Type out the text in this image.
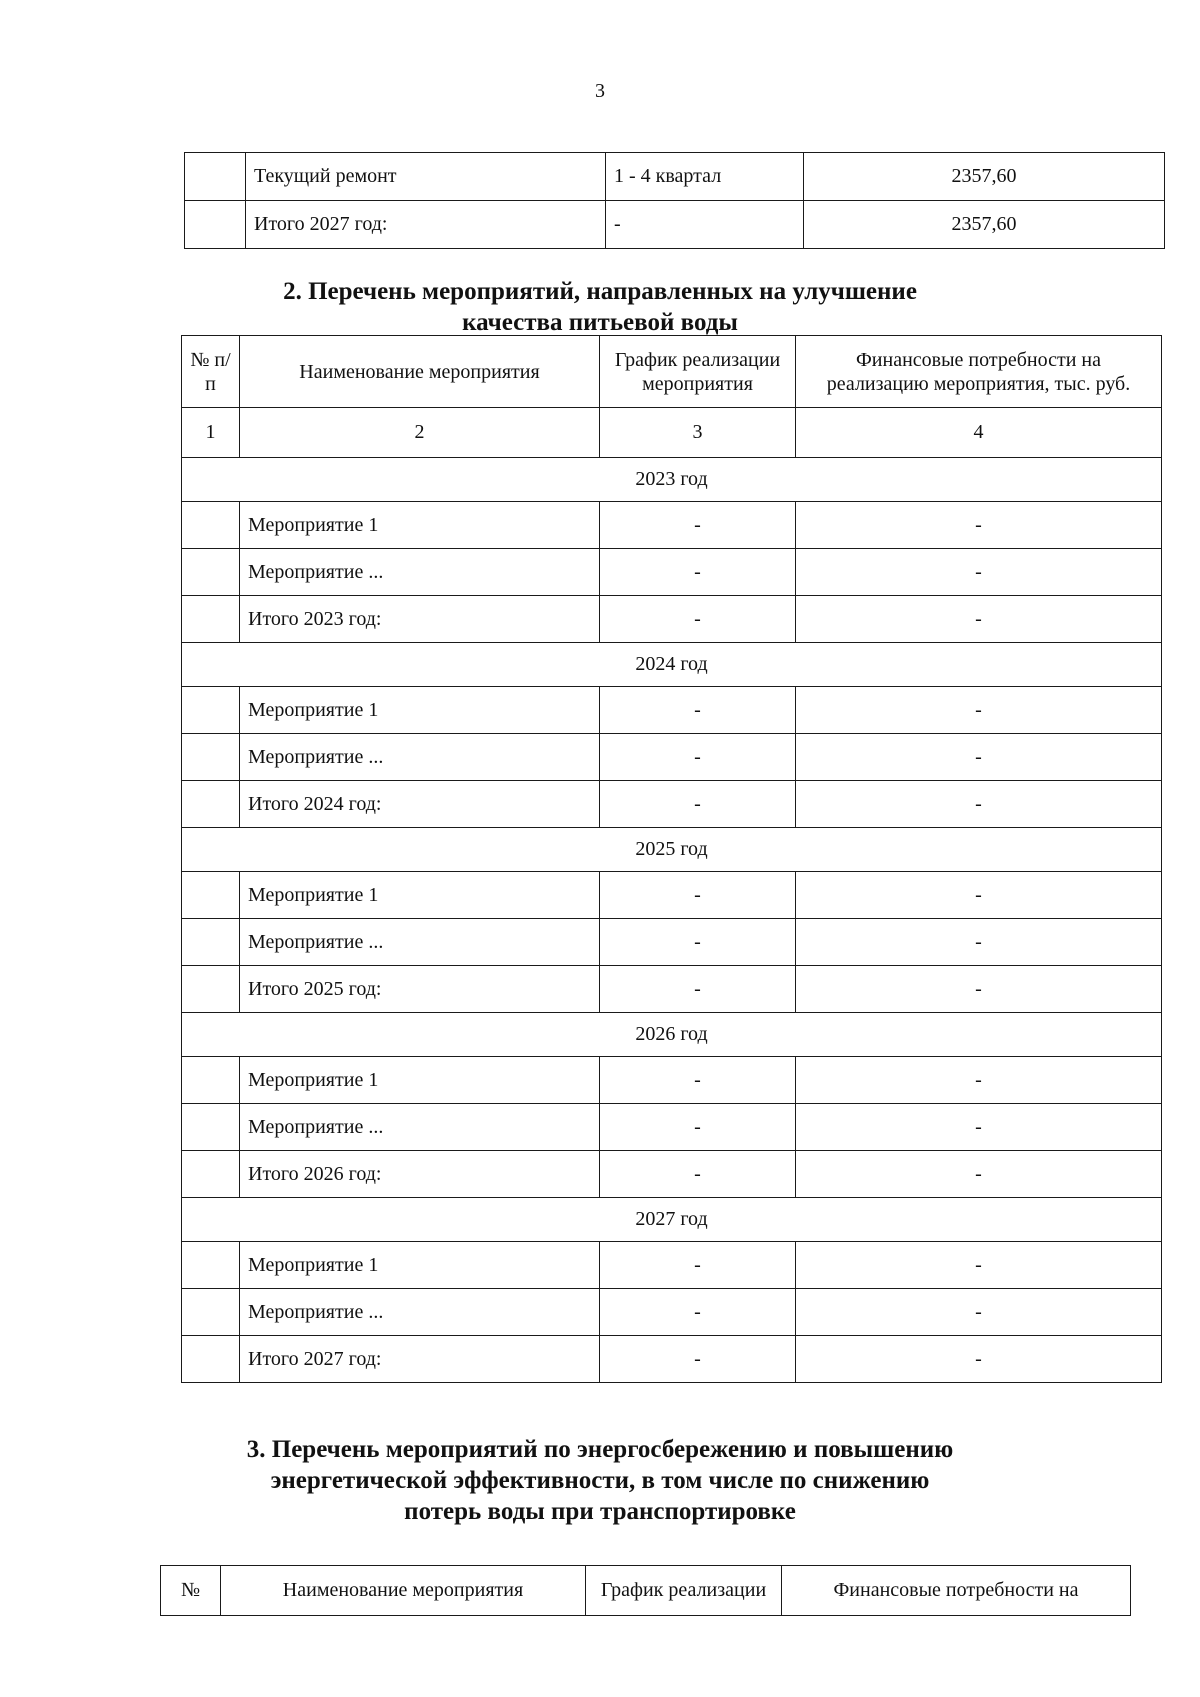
3
	Текущий ремонт	1 - 4 квартал	2357,60
	Итого 2027 год:	-	2357,60
2. Перечень мероприятий, направленных на улучшение
качества питьевой воды
№ п/п	Наименование мероприятия	График реализации мероприятия	Финансовые потребности на реализацию мероприятия, тыс. руб.
1	2	3	4
2023 год			
	Мероприятие 1	-	-
	Мероприятие ...	-	-
	Итого 2023 год:	-	-
2024 год			
	Мероприятие 1	-	-
	Мероприятие ...	-	-
	Итого 2024 год:	-	-
2025 год			
	Мероприятие 1	-	-
	Мероприятие ...	-	-
	Итого 2025 год:	-	-
2026 год			
	Мероприятие 1	-	-
	Мероприятие ...	-	-
	Итого 2026 год:	-	-
2027 год			
	Мероприятие 1	-	-
	Мероприятие ...	-	-
	Итого 2027 год:	-	-
3. Перечень мероприятий по энергосбережению и повышению
энергетической эффективности, в том числе по снижению
потерь воды при транспортировке
№	Наименование мероприятия	График реализации	Финансовые потребности на
